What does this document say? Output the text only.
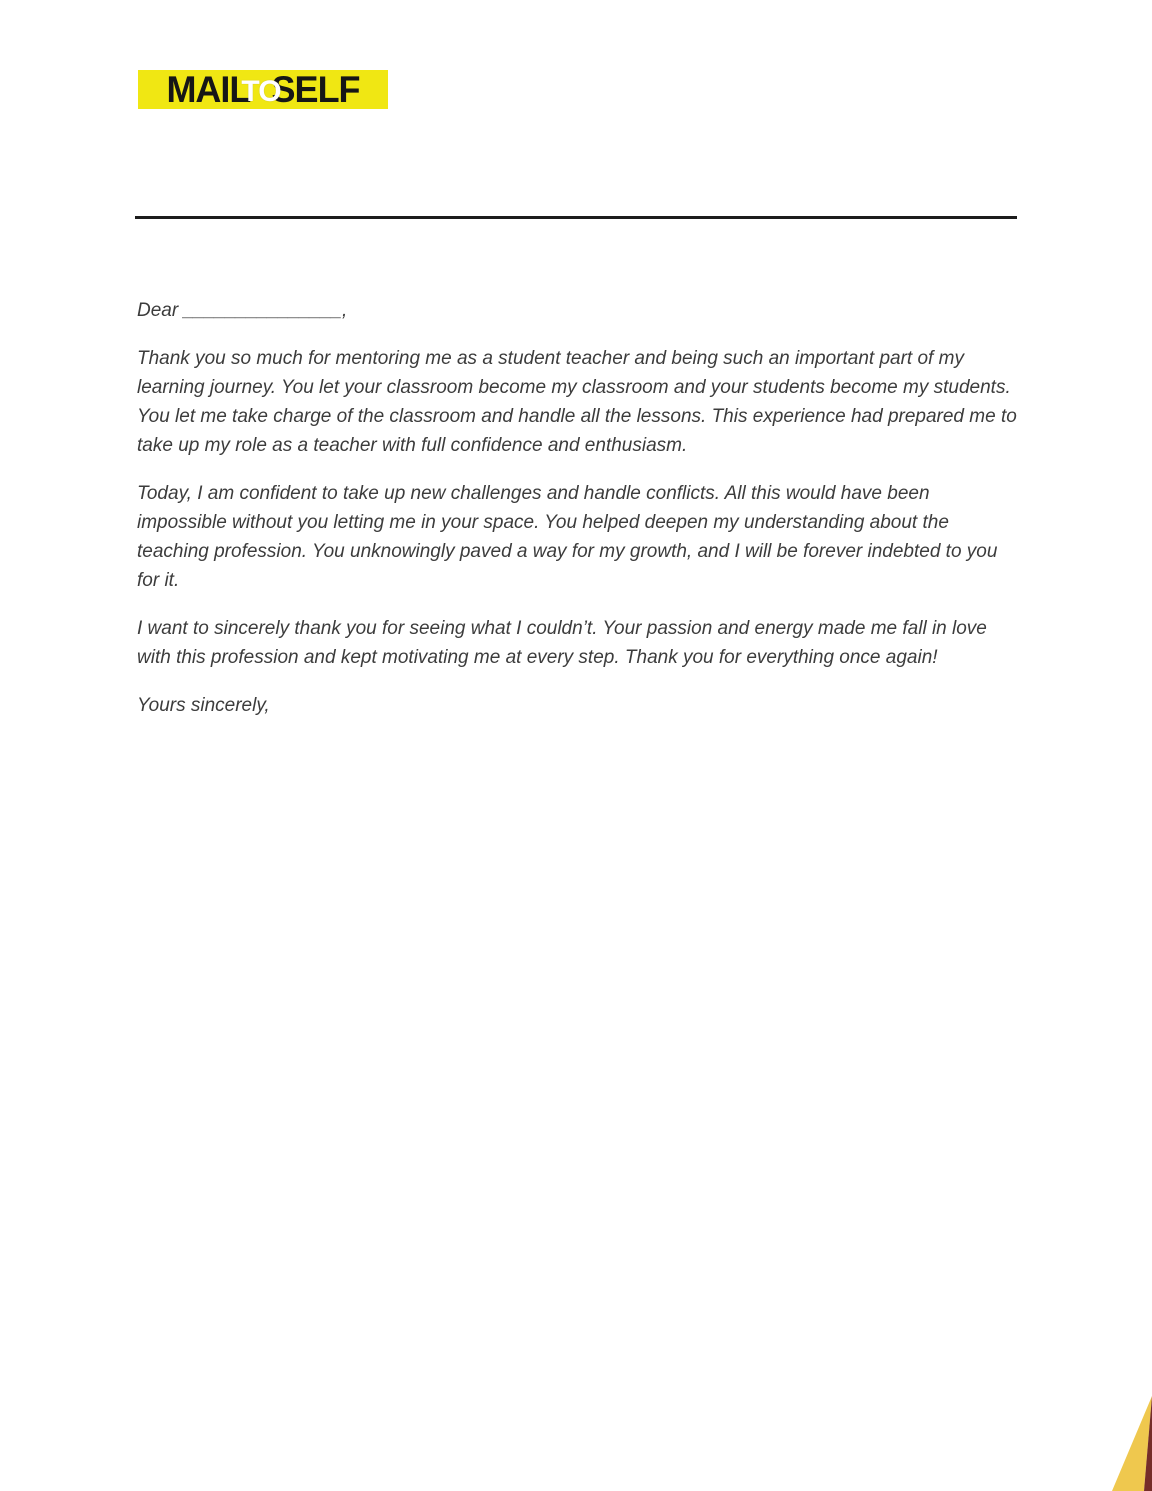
MAIL
TO
SELF

Dear _______________,

Thank you so much for mentoring me as a student teacher and being such an important part of my learning journey. You let your classroom become my classroom and your students become my students. You let me take charge of the classroom and handle all the lessons. This experience had prepared me to take up my role as a teacher with full confidence and enthusiasm.

Today, I am confident to take up new challenges and handle conflicts. All this would have been impossible without you letting me in your space. You helped deepen my understanding about the teaching profession. You unknowingly paved a way for my growth, and I will be forever indebted to you for it.

I want to sincerely thank you for seeing what I couldn’t. Your passion and energy made me fall in love with this profession and kept motivating me at every step. Thank you for everything once again!

Yours sincerely,
